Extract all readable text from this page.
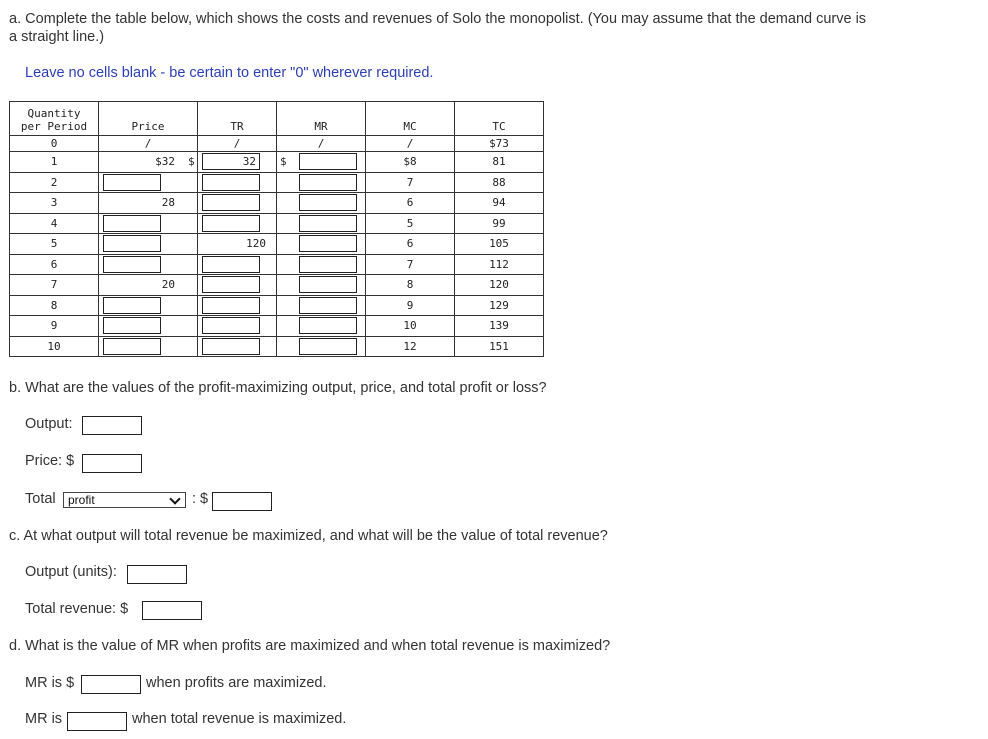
a. Complete the table below, which shows the costs and revenues of Solo the monopolist. (You may assume that the demand curve is
a straight line.)
Leave no cells blank - be certain to enter "0" wherever required.
Quantity
per Period	Price	TR	MR	MC	TC
0	/	/	/	/	$73
1	$32	$ 32	$	$8	81
2				7	88
3	28			6	94
4				5	99
5		120		6	105
6				7	112
7	20			8	120
8				9	129
9				10	139
10				12	151
b. What are the values of the profit-maximizing output, price, and total profit or loss?
Output:
Price: $
Total	profit	: $
c. At what output will total revenue be maximized, and what will be the value of total revenue?
Output (units):
Total revenue: $
d. What is the value of MR when profits are maximized and when total revenue is maximized?
MR is $	when profits are maximized.
MR is	when total revenue is maximized.
